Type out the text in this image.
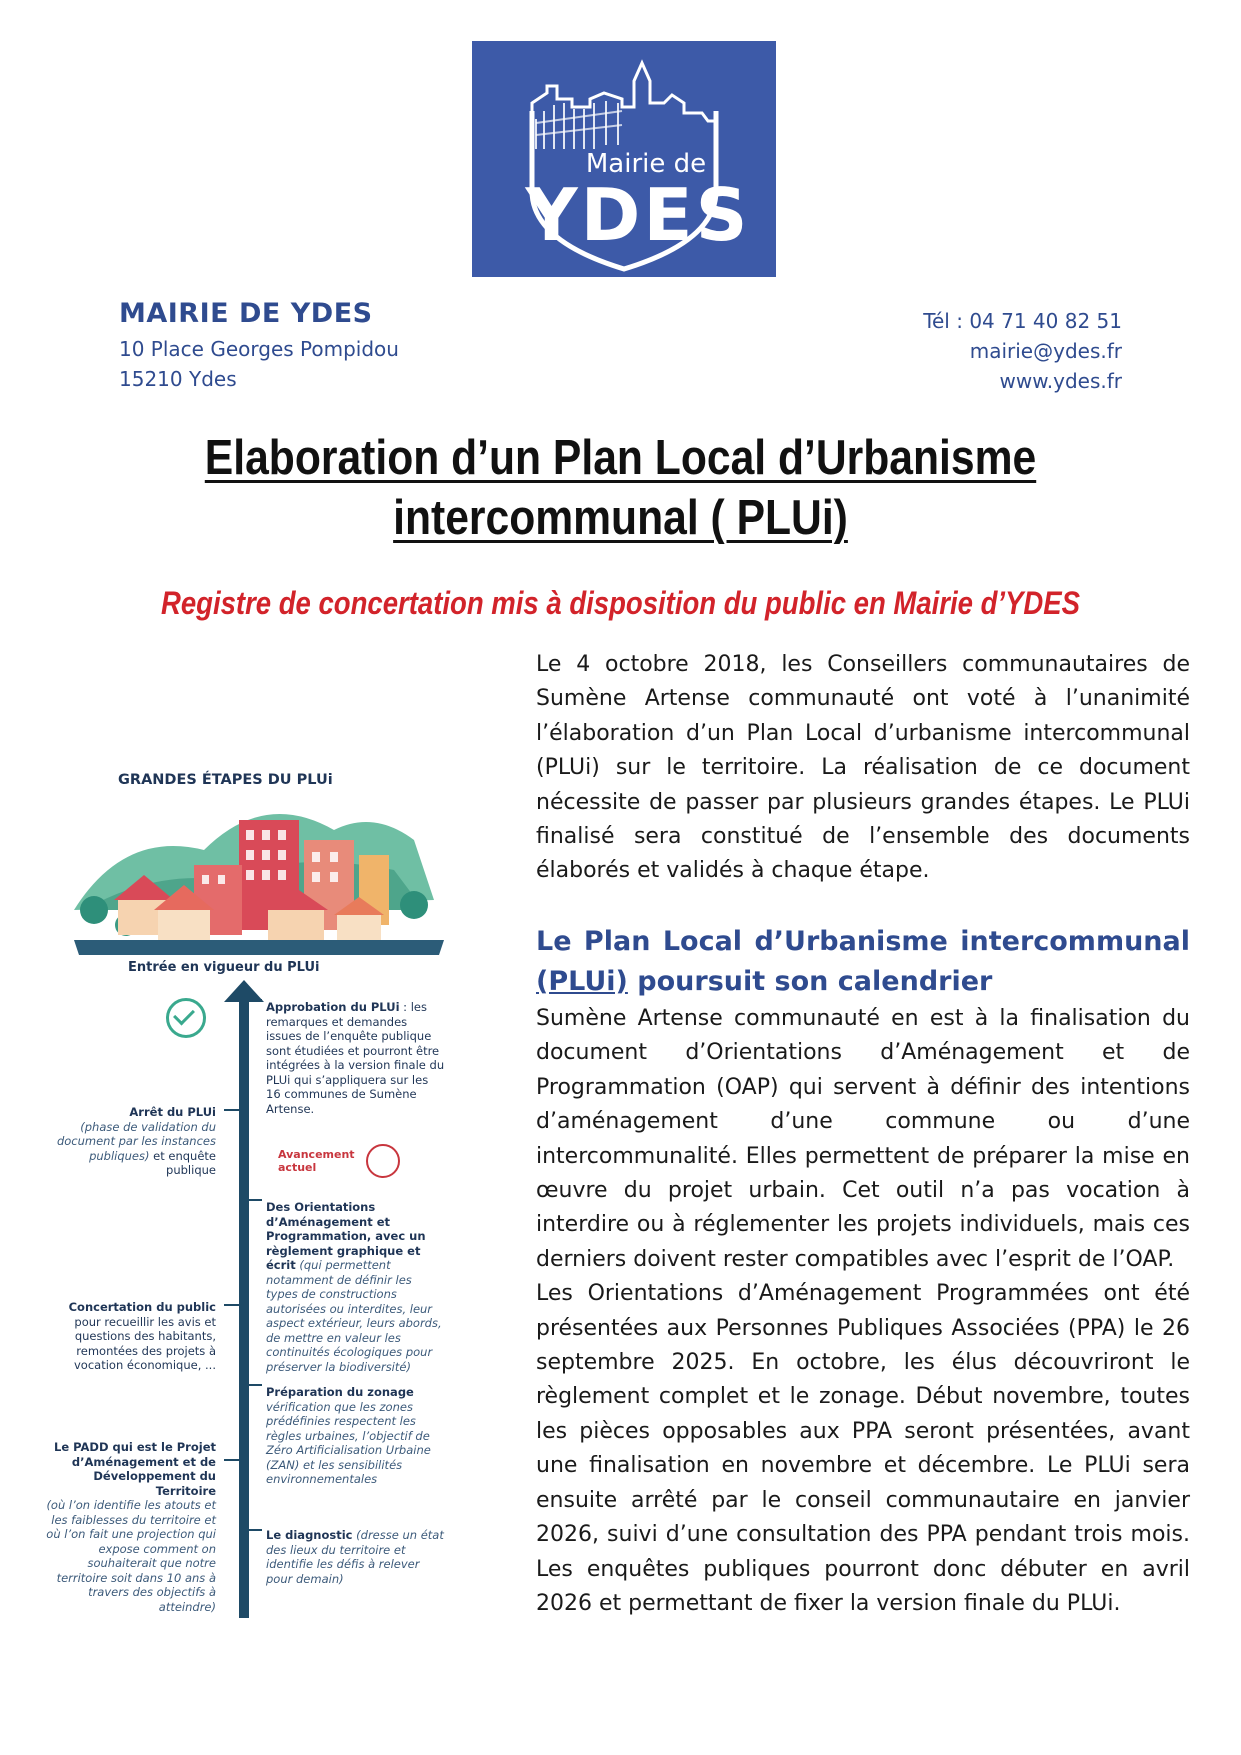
Mairie de
YDES
MAIRIE DE YDES
10 Place Georges Pompidou
15210 Ydes
Tél : 04 71 40 82 51
mairie@ydes.fr
www.ydes.fr
Elaboration d’un Plan Local d’Urbanisme
intercommunal ( PLUi)
Registre de concertation mis à disposition du public en Mairie d’YDES
GRANDES ÉTAPES DU PLUi
Entrée en vigueur du PLUi
Avancement actuel
Approbation du PLUi : les remarques et demandes issues de l’enquête publique sont étudiées et pourront être intégrées à la version finale du PLUi qui s’appliquera sur les 16 communes de Sumène Artense.
Des Orientations d’Aménagement et Programmation, avec un règlement graphique et écrit (qui permettent notamment de définir les types de constructions autorisées ou interdites, leur aspect extérieur, leurs abords, de mettre en valeur les continuités écologiques pour préserver la biodiversité)
Préparation du zonage
vérification que les zones prédéfinies respectent les règles urbaines, l’objectif de Zéro Artificialisation Urbaine (ZAN) et les sensibilités environnementales
Le diagnostic (dresse un état des lieux du territoire et identifie les défis à relever pour demain)
Arrêt du PLUi
(phase de validation du document par les instances publiques) et enquête publique
Concertation du public
pour recueillir les avis et questions des habitants, remontées des projets à vocation économique, ...
Le PADD qui est le Projet d’Aménagement et de Développement du Territoire
(où l’on identifie les atouts et les faiblesses du territoire et où l’on fait une projection qui expose comment on souhaiterait que notre territoire soit dans 10 ans à travers des objectifs à atteindre)
Le 4 octobre 2018, les Conseillers communautaires de Sumène Artense communauté ont voté à l’unanimité l’élaboration d’un Plan Local d’urbanisme intercommunal (PLUi) sur le territoire. La réalisation de ce document nécessite de passer par plusieurs grandes étapes. Le PLUi finalisé sera constitué de l’ensemble des documents élaborés et validés à chaque étape.
Le Plan Local d’Urbanisme intercommunal
(PLUi) poursuit son calendrier

Sumène Artense communauté en est à la finalisation du document d’Orientations d’Aménagement et de Programmation (OAP) qui servent à définir des intentions d’aménagement d’une commune ou d’une intercommunalité. Elles permettent de préparer la mise en œuvre du projet urbain. Cet outil n’a pas vocation à interdire ou à réglementer les projets individuels, mais ces derniers doivent rester compatibles avec l’esprit de l’OAP.

Les Orientations d’Aménagement Programmées ont été présentées aux Personnes Publiques Associées (PPA) le 26 septembre 2025. En octobre, les élus découvriront le règlement complet et le zonage. Début novembre, toutes les pièces opposables aux PPA seront présentées, avant une finalisation en novembre et décembre. Le PLUi sera ensuite arrêté par le conseil communautaire en janvier 2026, suivi d’une consultation des PPA pendant trois mois. Les enquêtes publiques pourront donc débuter en avril 2026 et permettant de fixer la version finale du PLUi.
